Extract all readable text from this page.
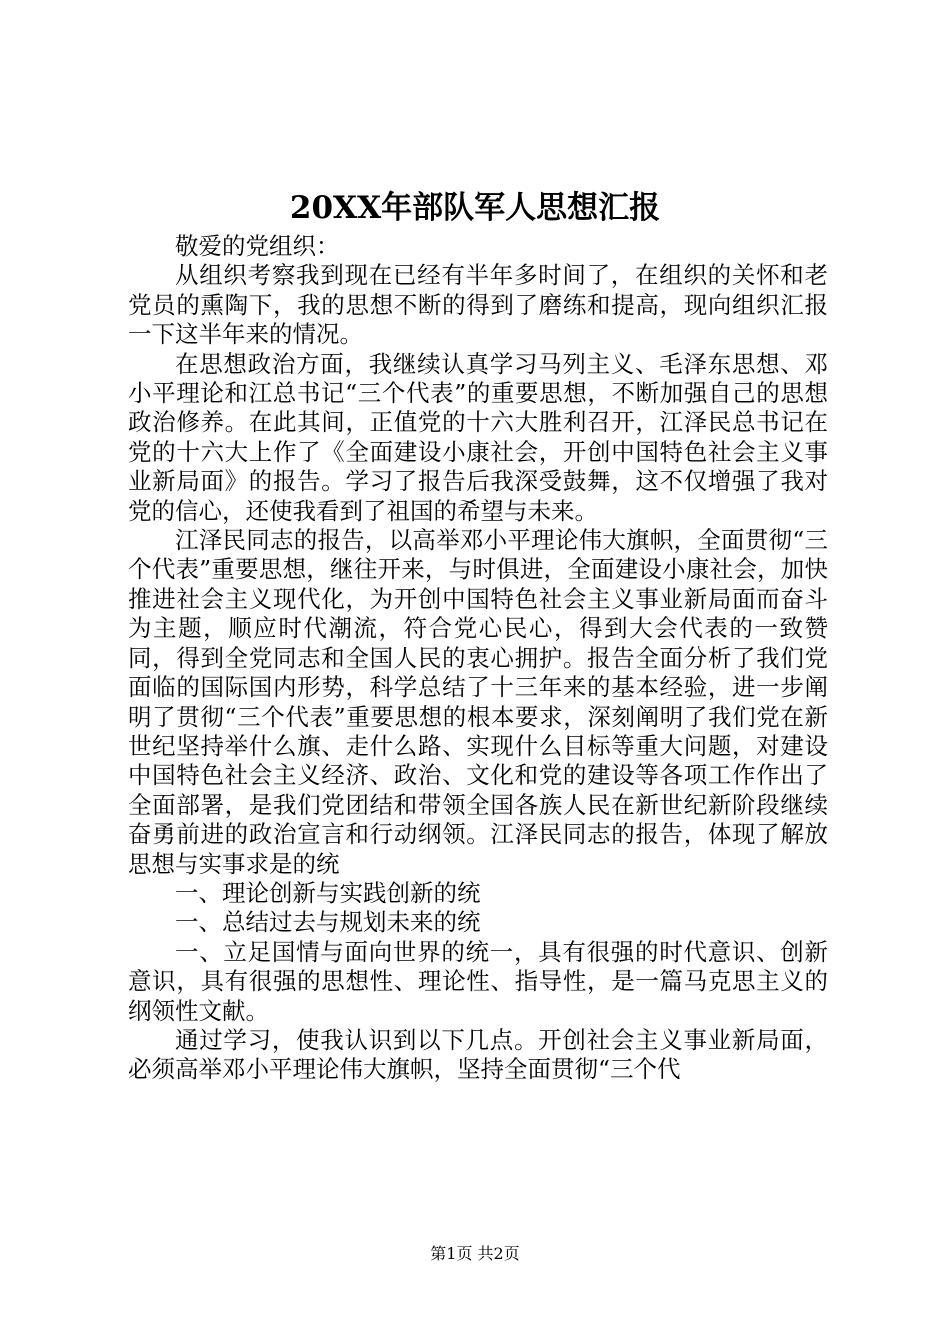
20XX年部队军人思想汇报

敬爱的党组织：

从组织考察我到现在已经有半年多时间了，在组织的关怀和老党员的熏陶下，我的思想不断的得到了磨练和提高，现向组织汇报一下这半年来的情况。

在思想政治方面，我继续认真学习马列主义、毛泽东思想、邓小平理论和江总书记“三个代表”的重要思想，不断加强自己的思想政治修养。在此其间，正值党的十六大胜利召开，江泽民总书记在党的十六大上作了《全面建设小康社会，开创中国特色社会主义事业新局面》的报告。学习了报告后我深受鼓舞，这不仅增强了我对党的信心，还使我看到了祖国的希望与未来。

江泽民同志的报告，以高举邓小平理论伟大旗帜，全面贯彻“三个代表”重要思想，继往开来，与时俱进，全面建设小康社会，加快推进社会主义现代化，为开创中国特色社会主义事业新局面而奋斗为主题，顺应时代潮流，符合党心民心，得到大会代表的一致赞同，得到全党同志和全国人民的衷心拥护。报告全面分析了我们党面临的国际国内形势，科学总结了十三年来的基本经验，进一步阐明了贯彻“三个代表”重要思想的根本要求，深刻阐明了我们党在新世纪坚持举什么旗、走什么路、实现什么目标等重大问题，对建设中国特色社会主义经济、政治、文化和党的建设等各项工作作出了全面部署，是我们党团结和带领全国各族人民在新世纪新阶段继续奋勇前进的政治宣言和行动纲领。江泽民同志的报告，体现了解放思想与实事求是的统

一、理论创新与实践创新的统

一、总结过去与规划未来的统

一、立足国情与面向世界的统一，具有很强的时代意识、创新意识，具有很强的思想性、理论性、指导性，是一篇马克思主义的纲领性文献。

通过学习，使我认识到以下几点。开创社会主义事业新局面，必须高举邓小平理论伟大旗帜，坚持全面贯彻“三个代

第1页 共2页
